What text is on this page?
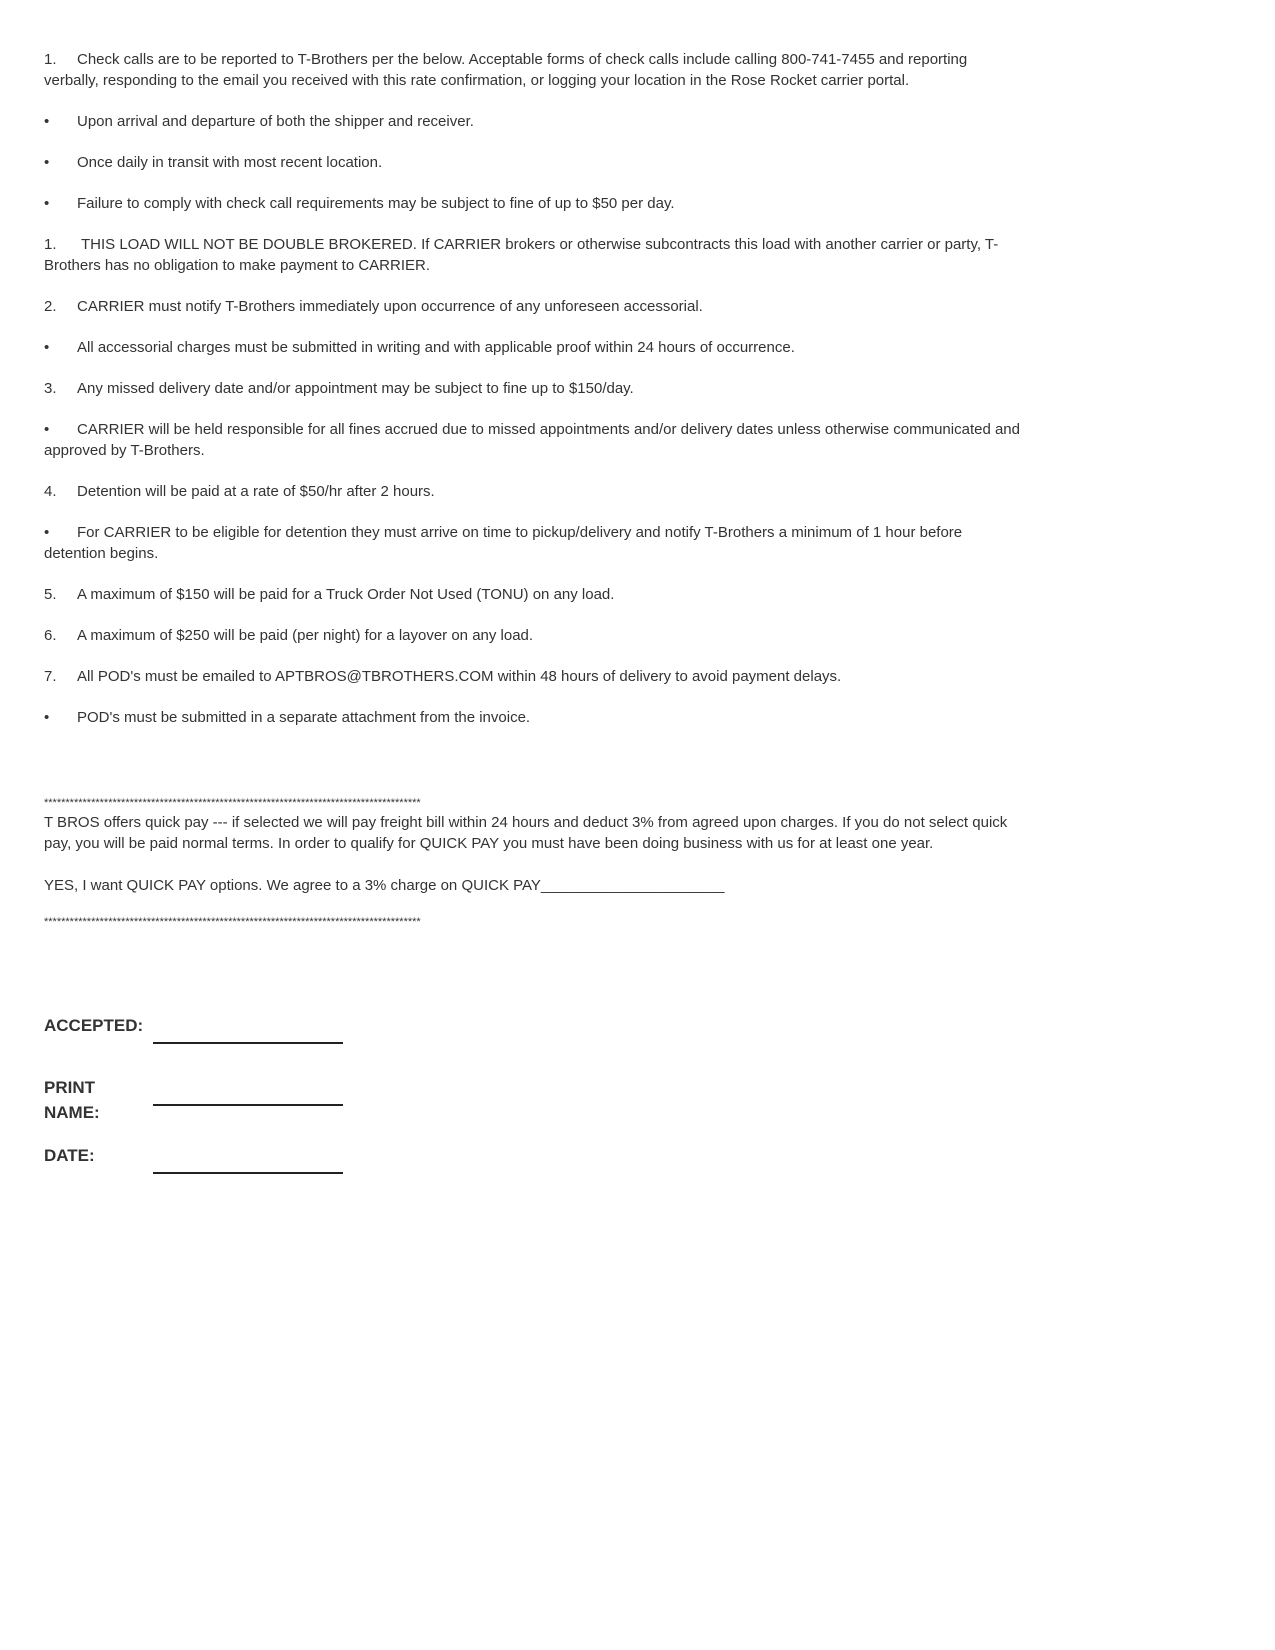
1. Check calls are to be reported to T-Brothers per the below. Acceptable forms of check calls include calling 800-741-7455 and reporting verbally, responding to the email you received with this rate confirmation, or logging your location in the Rose Rocket carrier portal.

• Upon arrival and departure of both the shipper and receiver.

• Once daily in transit with most recent location.

• Failure to comply with check call requirements may be subject to fine of up to $50 per day.

1. THIS LOAD WILL NOT BE DOUBLE BROKERED. If CARRIER brokers or otherwise subcontracts this load with another carrier or party, T-Brothers has no obligation to make payment to CARRIER.

2. CARRIER must notify T-Brothers immediately upon occurrence of any unforeseen accessorial.

• All accessorial charges must be submitted in writing and with applicable proof within 24 hours of occurrence.

3. Any missed delivery date and/or appointment may be subject to fine up to $150/day.

• CARRIER will be held responsible for all fines accrued due to missed appointments and/or delivery dates unless otherwise communicated and approved by T-Brothers.

4. Detention will be paid at a rate of $50/hr after 2 hours.

• For CARRIER to be eligible for detention they must arrive on time to pickup/delivery and notify T-Brothers a minimum of 1 hour before detention begins.

5. A maximum of $150 will be paid for a Truck Order Not Used (TONU) on any load.

6. A maximum of $250 will be paid (per night) for a layover on any load.

7. All POD's must be emailed to APTBROS@TBROTHERS.COM within 48 hours of delivery to avoid payment delays.

• POD's must be submitted in a separate attachment from the invoice.

****************************************************************************************

T BROS offers quick pay --- if selected we will pay freight bill within 24 hours and deduct 3% from agreed upon charges. If you do not select quick pay, you will be paid normal terms. In order to qualify for QUICK PAY you must have been doing business with us for at least one year.

YES, I want QUICK PAY options. We agree to a 3% charge on QUICK PAY______________________

****************************************************************************************
ACCEPTED:
PRINT
NAME:
DATE:
